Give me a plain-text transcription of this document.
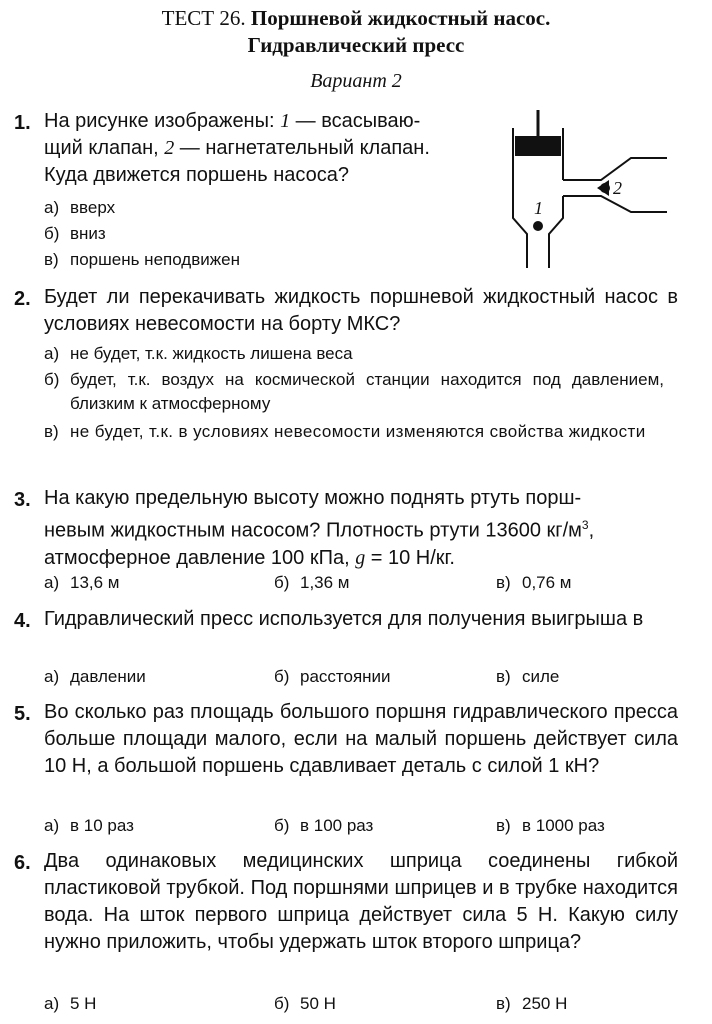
ТЕСТ 26. Поршневой жидкостный насос.
Гидравлический пресс
Вариант 2
1. На рисунке изображены: 1 — всасываю-
щий клапан, 2 — нагнетательный клапан.
Куда движется поршень насоса?
а) вверх
б) вниз
в) поршень неподвижен
1
2
2. Будет ли перекачивать жидкость поршневой жидкостный насос в условиях невесомости на борту МКС?
а) не будет, т.к. жидкость лишена веса
б) будет, т.к. воздух на космической станции находится под давлением, близким к атмосферному
в) не будет, т.к. в условиях невесомости изменяются свойства жидкости
3. На какую предельную высоту можно поднять ртуть порш-
невым жидкостным насосом? Плотность ртути 13600 $кг/м^3$,
атмосферное давление 100 кПа, g = 10 Н/кг.
а) 13,6 м	б) 1,36 м	в) 0,76 м
4. Гидравлический пресс используется для получения выигрыша в
а) давлении	б) расстоянии	в) силе
5. Во сколько раз площадь большого поршня гидравлического пресса больше площади малого, если на малый поршень действует сила 10 Н, а большой поршень сдавливает деталь с силой 1 кН?
а) в 10 раз	б) в 100 раз	в) в 1000 раз
6. Два одинаковых медицинских шприца соединены гибкой пластиковой трубкой. Под поршнями шприцев и в трубке находится вода. На шток первого шприца действует сила 5 Н. Какую силу нужно приложить, чтобы удержать шток второго шприца?
а) 5 Н	б) 50 Н	в) 250 Н
